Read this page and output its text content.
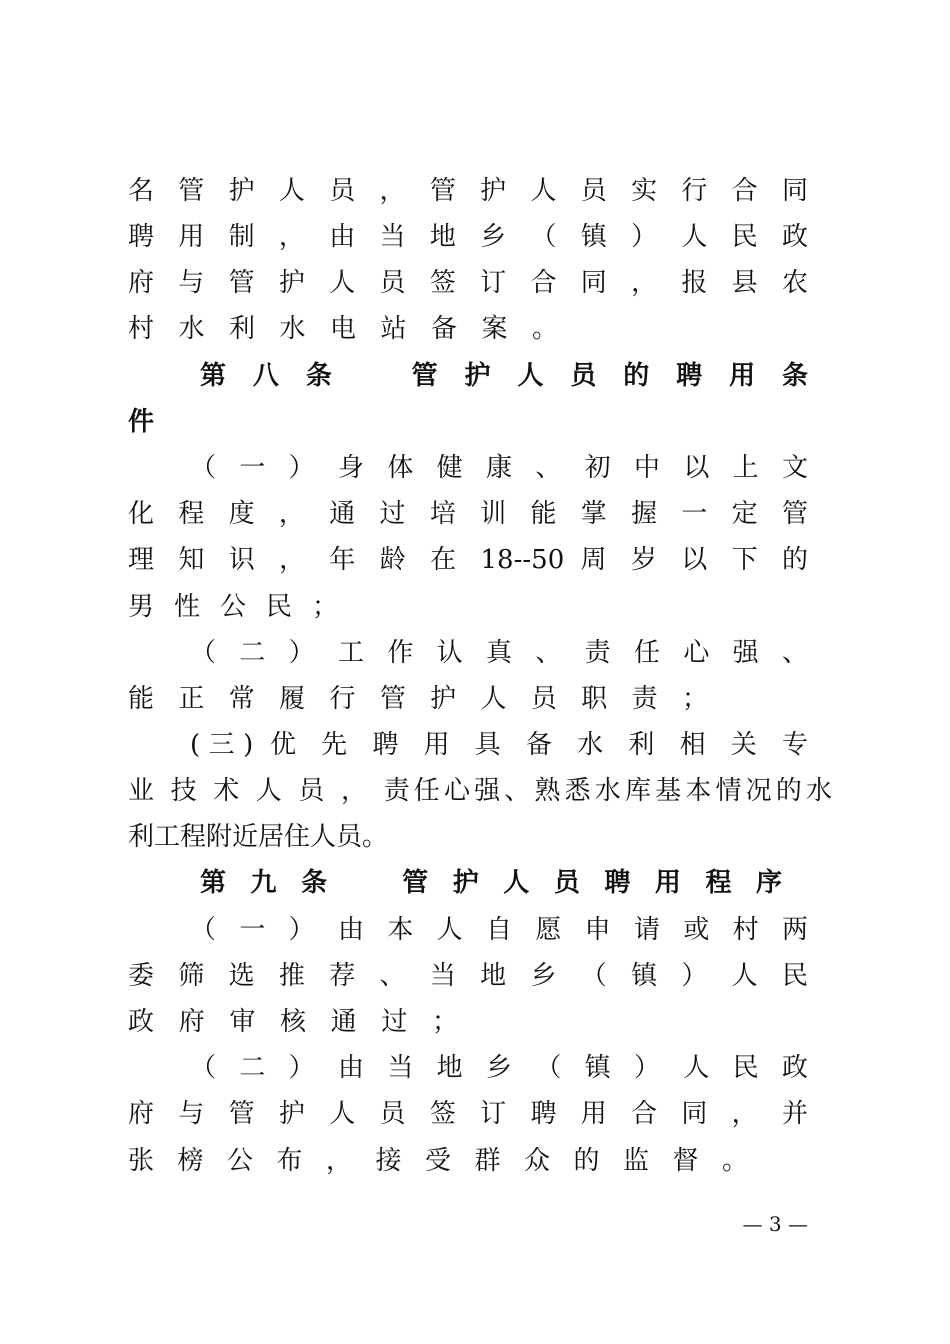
名 管 护 人 员 ， 管 护 人 员 实 行 合 同
聘 用 制 ， 由 当 地 乡 （ 镇 ） 人 民 政
府 与 管 护 人 员 签 订 合 同 ， 报 县 农
村 水 利 水 电 站 备 案 。
第 八 条 　 管 护 人 员 的 聘 用 条
件
（ 一 ） 身 体 健 康 、 初 中 以 上 文
化 程 度 ， 通 过 培 训 能 掌 握 一 定 管
理 知 识 ， 年 龄 在 18--50 周 岁 以 下 的
男 性 公 民 ；
（ 二 ） 工 作 认 真 、 责 任 心 强 、
能 正 常 履 行 管 护 人 员 职 责 ；
(三) 优 先 聘 用 具 备 水 利 相 关 专
业 技 术 人 员 ， 责任心强、熟悉水库基本情况的水
利工程附近居住人员。
第 九 条 　 管 护 人 员 聘 用 程 序
（ 一 ） 由 本 人 自 愿 申 请 或 村 两
委 筛 选 推 荐 、 当 地 乡 （ 镇 ） 人 民
政 府 审 核 通 过 ；
（ 二 ） 由 当 地 乡 （ 镇 ） 人 民 政
府 与 管 护 人 员 签 订 聘 用 合 同 ， 并
张 榜 公 布 ， 接 受 群 众 的 监 督 。
— 3 —
